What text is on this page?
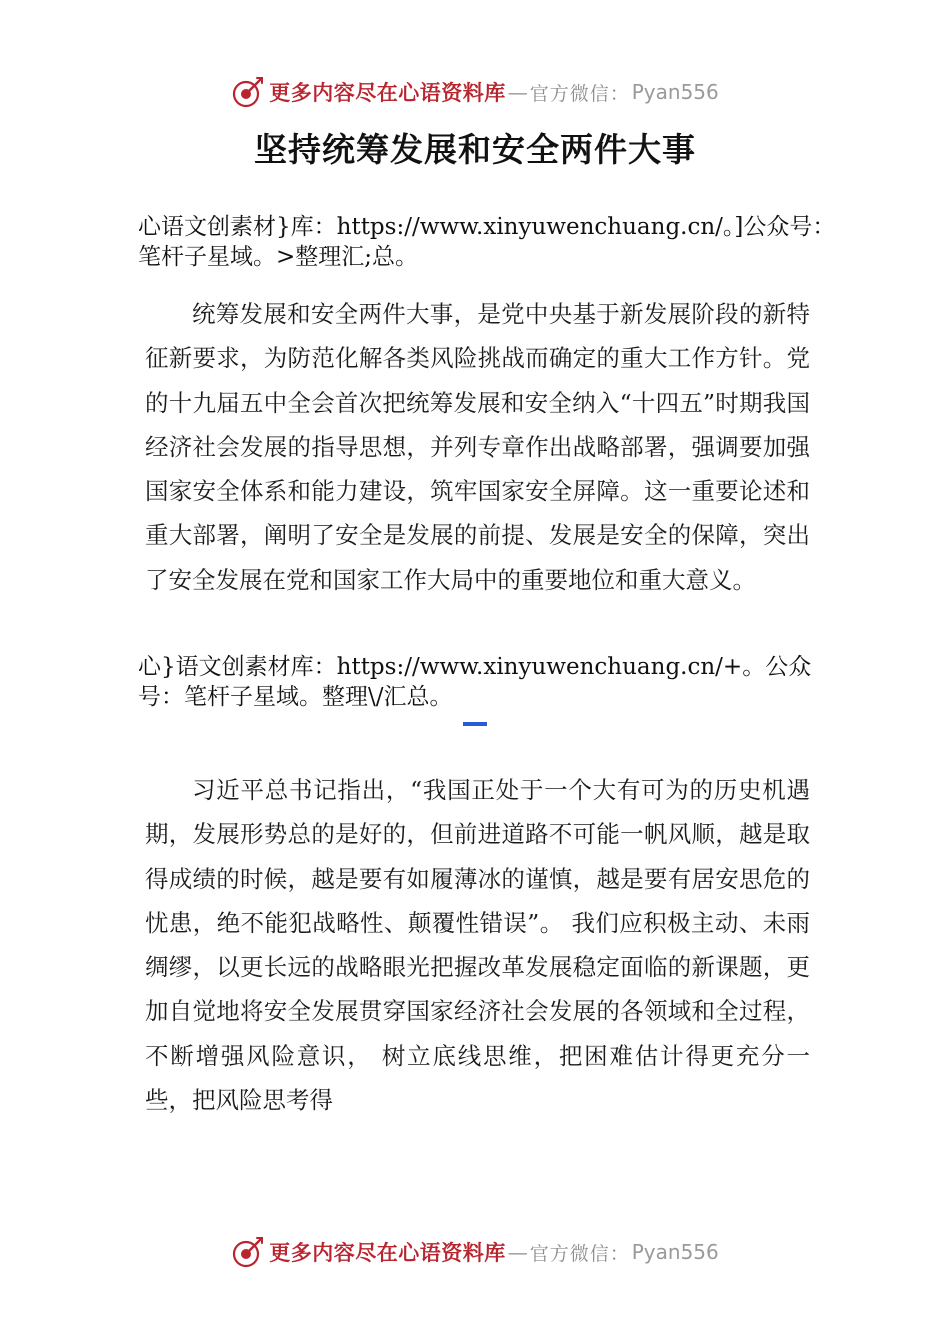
更多内容尽在心语资料库 — 官方微信： Pyan556
坚持统筹发展和安全两件大事

心语文创素材}库：https://www.xinyuwenchuang.cn/。]公众号：笔杆子星域。>整理汇;总。

统筹发展和安全两件大事，是党中央基于新发展阶段的新特征新要求，为防范化解各类风险挑战而确定的重大工作方针。党的十九届五中全会首次把统筹发展和安全纳入“十四五”时期我国经济社会发展的指导思想，并列专章作出战略部署，强调要加强国家安全体系和能力建设，筑牢国家安全屏障。这一重要论述和重大部署，阐明了安全是发展的前提、发展是安全的保障，突出了安全发展在党和国家工作大局中的重要地位和重大意义。

心}语文创素材库：https://www.xinyuwenchuang.cn/+。公众号：笔杆子星域。整理\/汇总。

习近平总书记指出，“我国正处于一个大有可为的历史机遇期，发展形势总的是好的，但前进道路不可能一帆风顺，越是取得成绩的时候，越是要有如履薄冰的谨慎，越是要有居安思危的忧患，绝不能犯战略性、颠覆性错误”。 我们应积极主动、未雨绸缪，以更长远的战略眼光把握改革发展稳定面临的新课题，更加自觉地将安全发展贯穿国家经济社会发展的各领域和全过程，不断增强风险意识， 树立底线思维，把困难估计得更充分一些，把风险思考得

更多内容尽在心语资料库 — 官方微信： Pyan556
